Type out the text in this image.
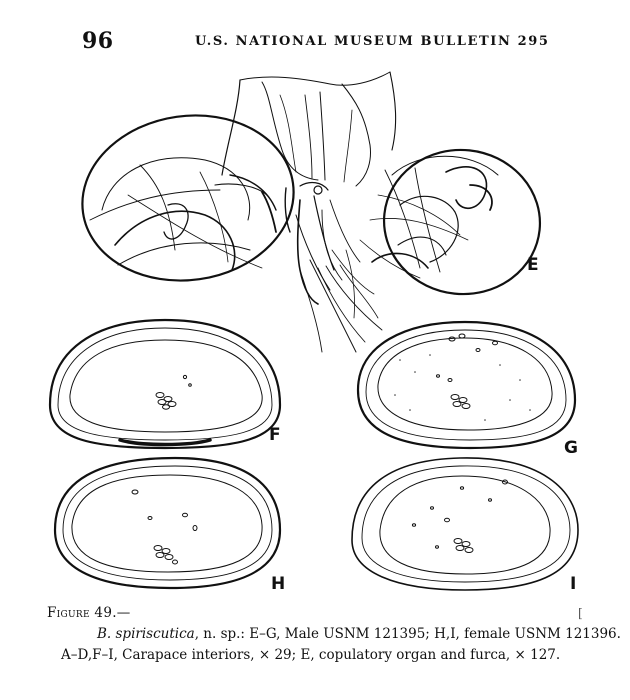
96	U.S. NATIONAL MUSEUM BULLETIN 295
E
F
G
H	I
Figure 49.—
B. spiriscutica, n. sp.: E–G, Male USNM 121395; H,I, female USNM 121396.
A–D,F–I, Carapace interiors, × 29; E, copulatory organ and furca, × 127.
[
